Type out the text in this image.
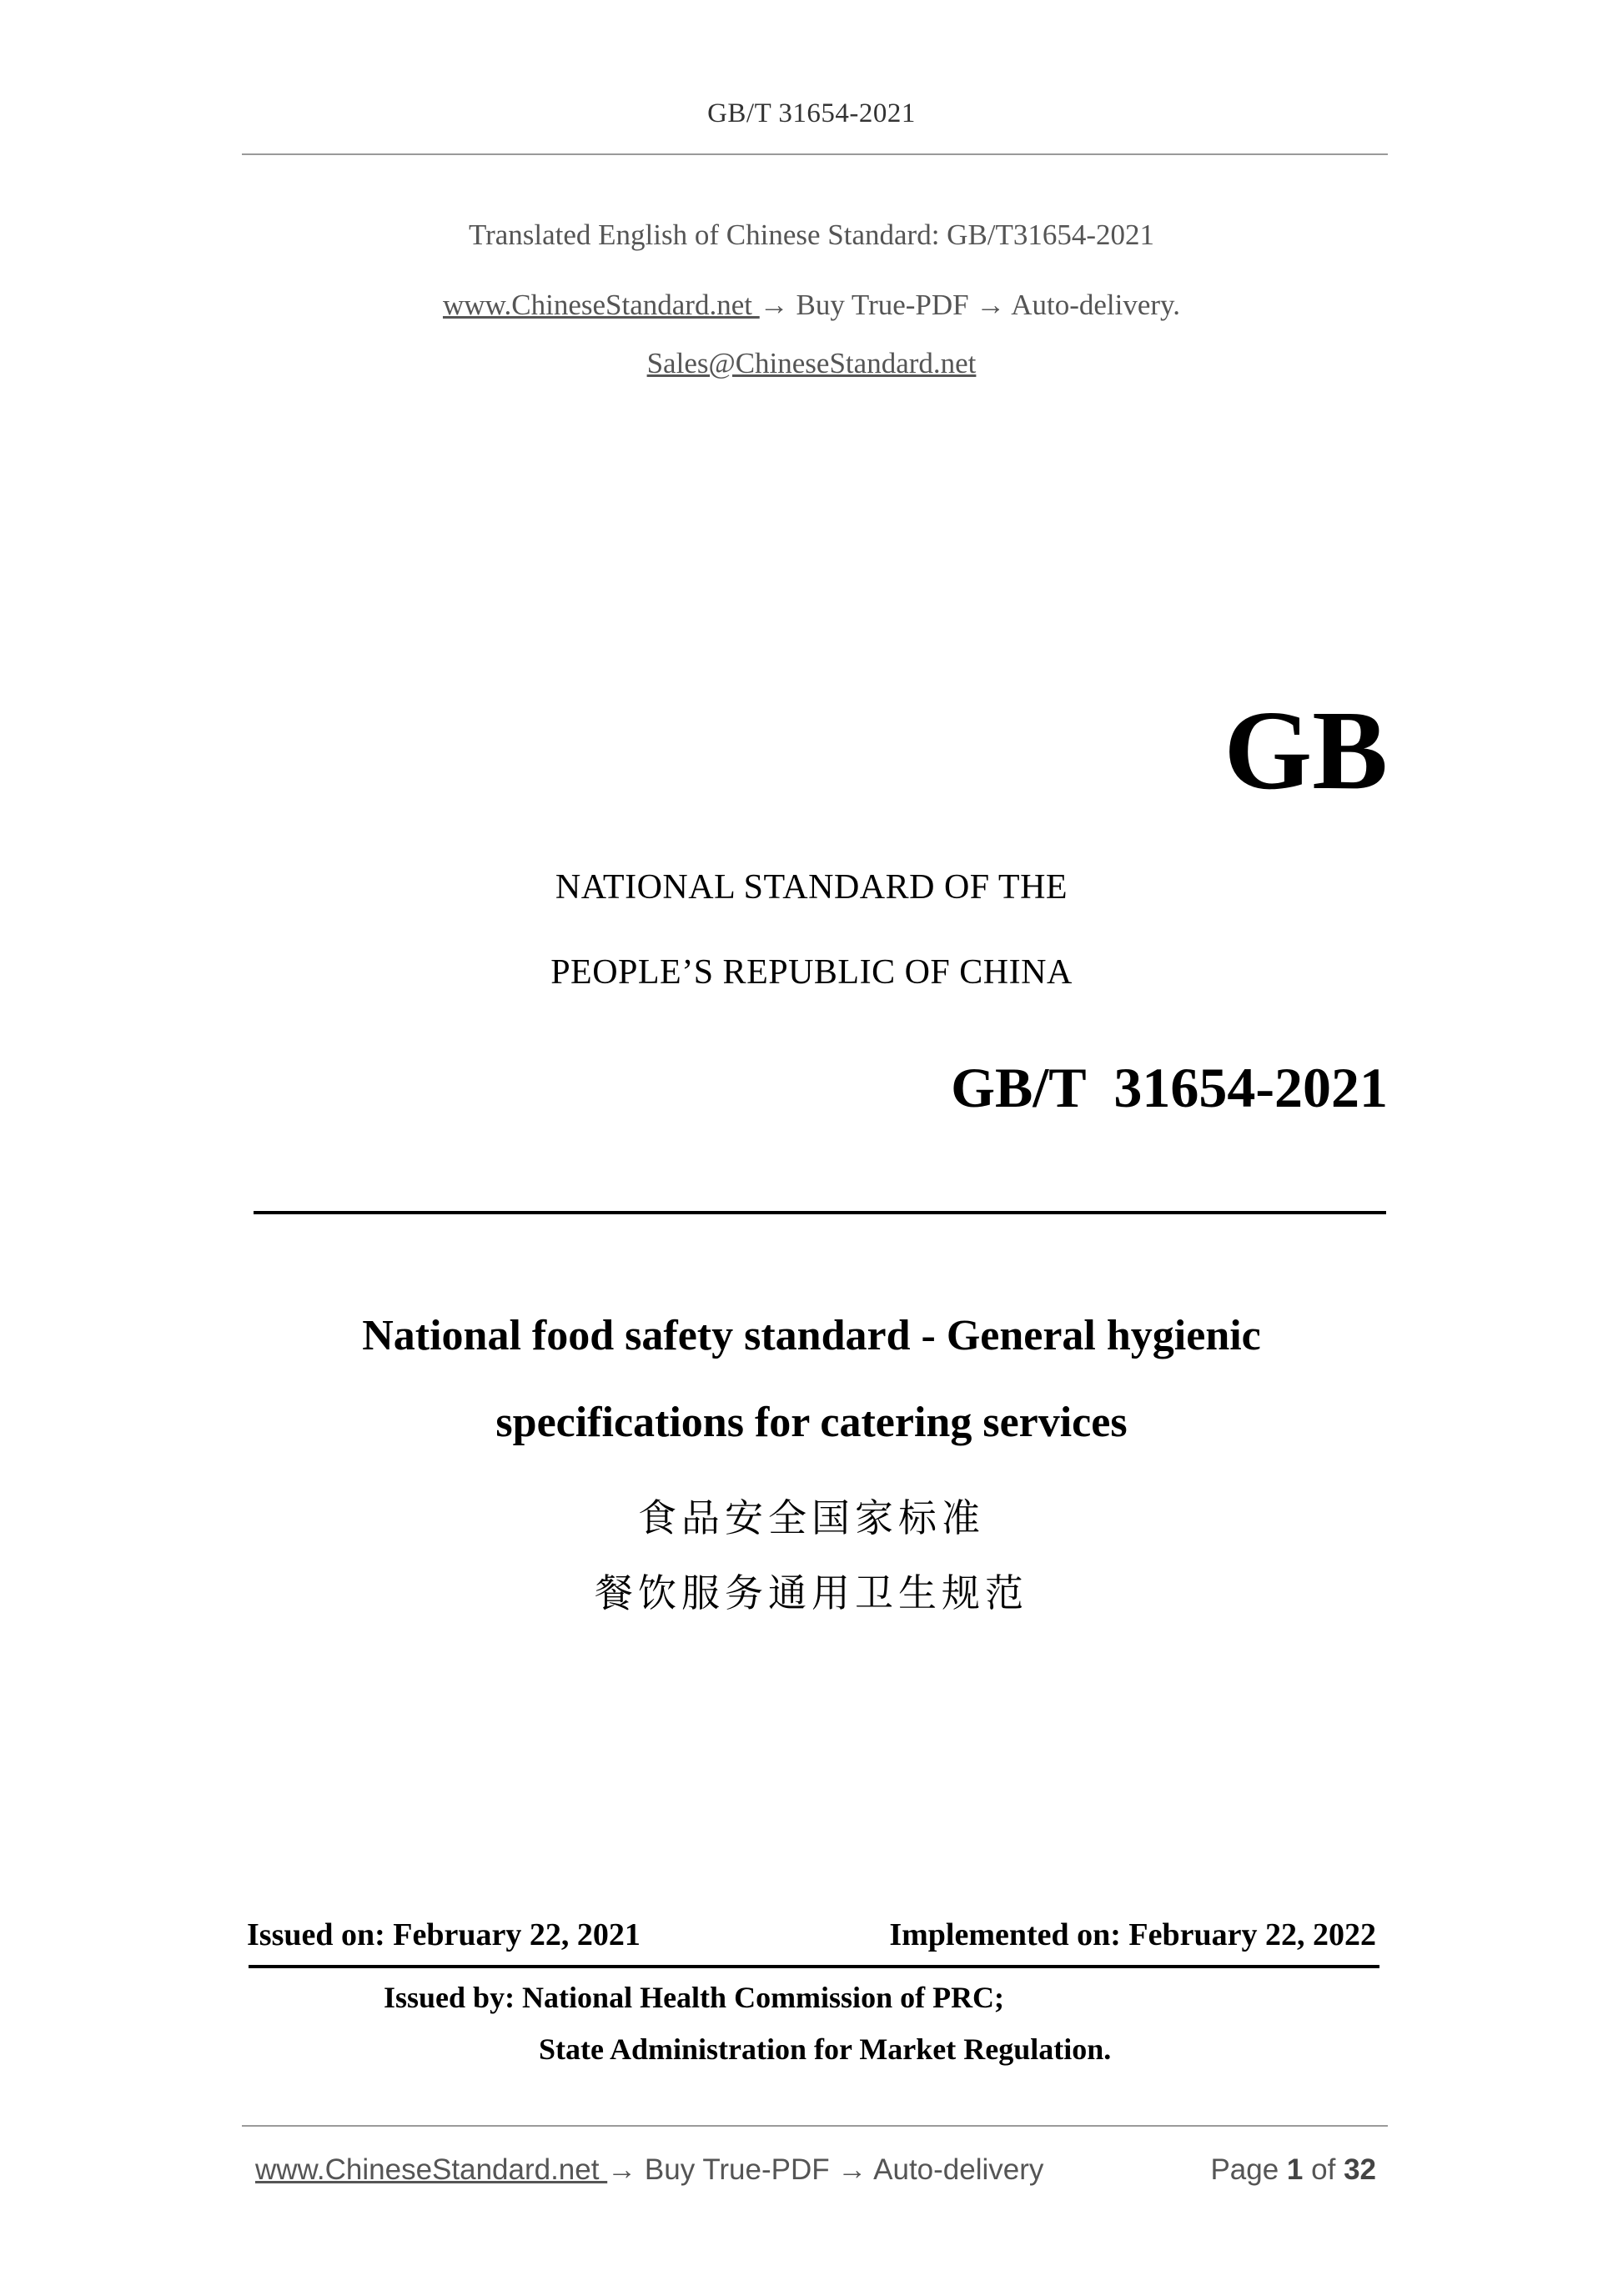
GB/T 31654-2021
Translated English of Chinese Standard: GB/T31654-2021
www.ChineseStandard.net → Buy True-PDF → Auto-delivery.
Sales@ChineseStandard.net
GB
NATIONAL STANDARD OF THE
PEOPLE’S REPUBLIC OF CHINA
GB/T  31654-2021
National food safety standard - General hygienic
specifications for catering services
食品安全国家标准
餐饮服务通用卫生规范
Issued on: February 22, 2021	Implemented on: February 22, 2022
Issued by: National Health Commission of PRC;
State Administration for Market Regulation.
www.ChineseStandard.net → Buy True-PDF → Auto-delivery	Page 1 of 32
